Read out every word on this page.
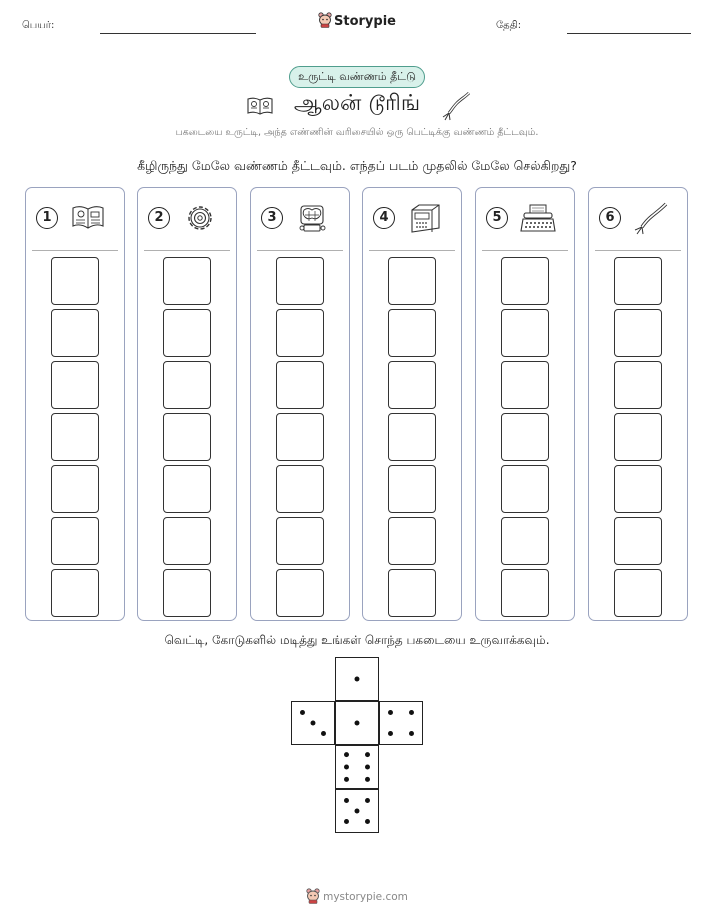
பெயர்:	Storypie	தேதி:
உருட்டி வண்ணம் தீட்டு
ஆலன் டூரிங்
பகடையை உருட்டி, அந்த எண்ணின் வரிசையில் ஒரு பெட்டிக்கு வண்ணம் தீட்டவும்.
கீழிருந்து மேலே வண்ணம் தீட்டவும். எந்தப் படம் முதலில் மேலே செல்கிறது?
1	2	3	4	5	6
வெட்டி, கோடுகளில் மடித்து உங்கள் சொந்த பகடையை உருவாக்கவும்.
mystorypie.com
